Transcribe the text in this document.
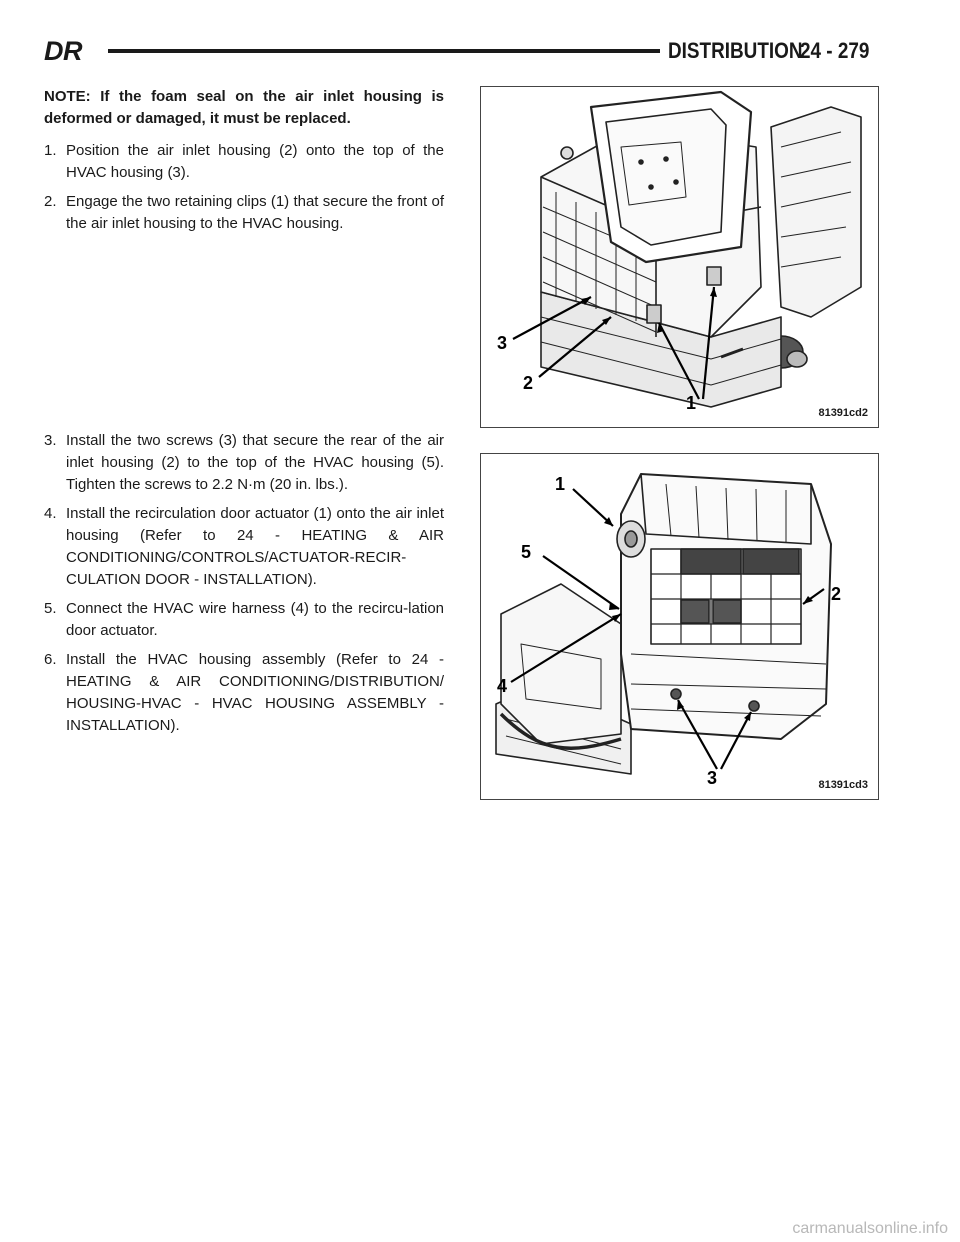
DR	DISTRIBUTION
24 - 279
NOTE: If the foam seal on the air inlet housing is deformed or damaged, it must be replaced.
1. Position the air inlet housing (2) onto the top of the HVAC housing (3).
2. Engage the two retaining clips (1) that secure the front of the air inlet housing to the HVAC housing.
3. Install the two screws (3) that secure the rear of the air inlet housing (2) to the top of the HVAC housing (5). Tighten the screws to 2.2 N·m (20 in. lbs.).
4. Install the recirculation door actuator (1) onto the air inlet housing (Refer to 24 - HEATING & AIR CONDITIONING/CONTROLS/ACTUATOR-RECIR-CULATION DOOR - INSTALLATION).
5. Connect the HVAC wire harness (4) to the recircu-lation door actuator.
6. Install the HVAC housing assembly (Refer to 24 - HEATING & AIR CONDITIONING/DISTRIBUTION/ HOUSING-HVAC - HVAC HOUSING ASSEMBLY - INSTALLATION).
3
2
1	81391cd2
1
5
2
4
3	81391cd3
carmanualsonline.info
